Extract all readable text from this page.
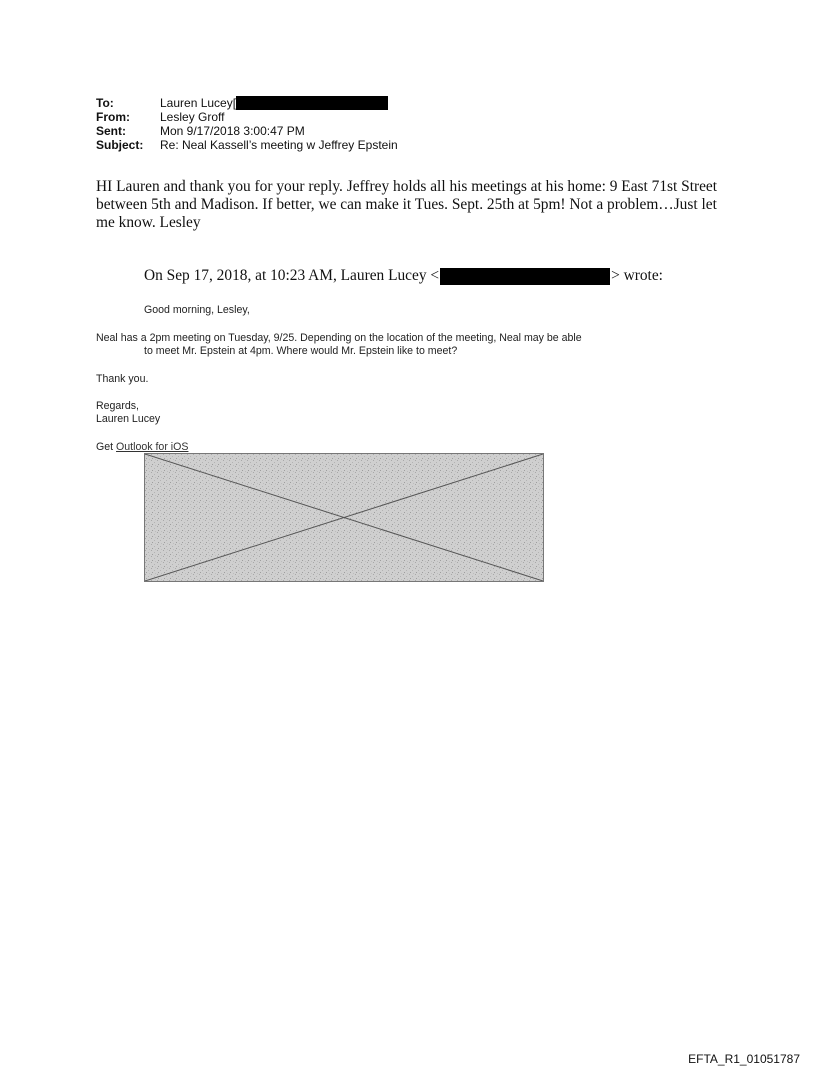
To:	Lauren Lucey[
From:	Lesley Groff
Sent:	Mon 9/17/2018 3:00:47 PM
Subject:	Re: Neal Kassell’s meeting w Jeffrey Epstein
HI Lauren and thank you for your reply. Jeffrey holds all his meetings at his home: 9 East 71st Street between 5th and Madison. If better, we can make it Tues. Sept. 25th at 5pm! Not a problem…Just let me know. Lesley
On Sep 17, 2018, at 10:23 AM, Lauren Lucey <	> wrote:
Good morning, Lesley,
Neal has a 2pm meeting on Tuesday, 9/25. Depending on the location of the meeting, Neal may be able
to meet Mr. Epstein at 4pm. Where would Mr. Epstein like to meet?
Thank you.
Regards,
Lauren Lucey
Get Outlook for iOS
EFTA_R1_01051787
